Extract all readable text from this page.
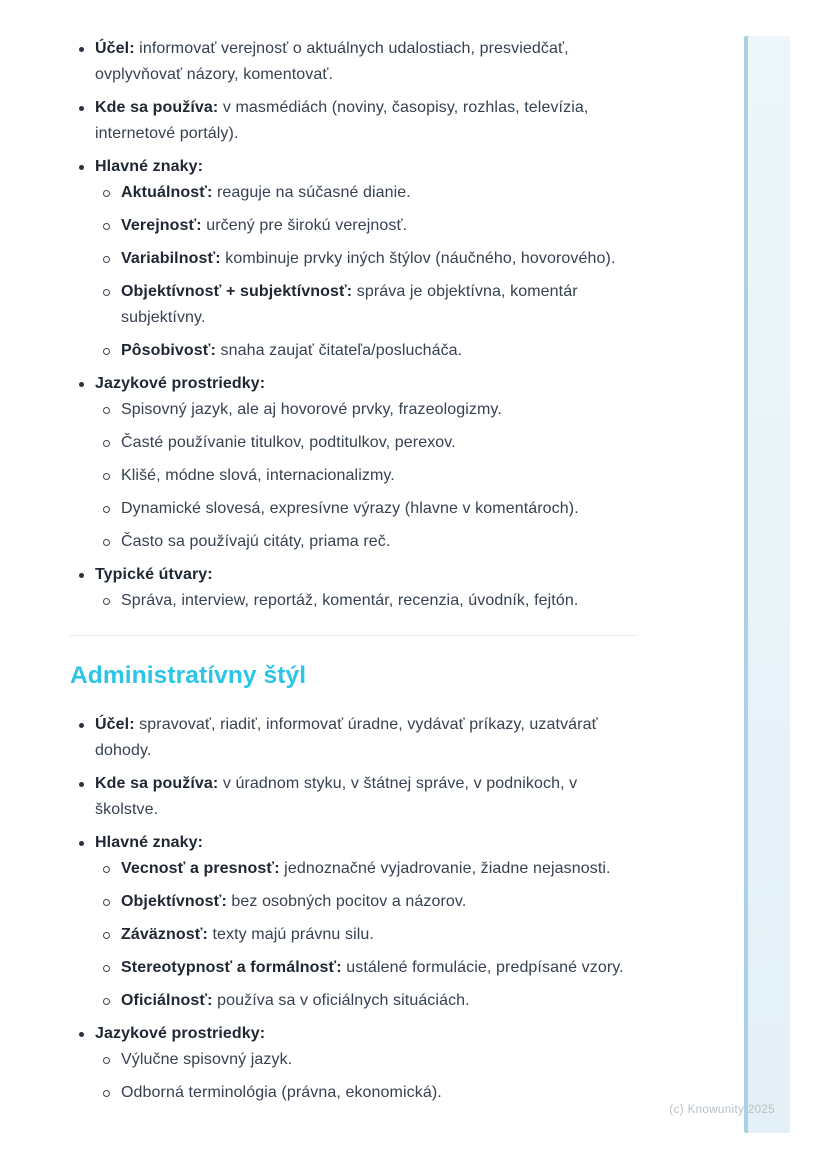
Účel: informovať verejnosť o aktuálnych udalostiach, presviedčať, ovplyvňovať názory, komentovať.
Kde sa používa: v masmédiách (noviny, časopisy, rozhlas, televízia, internetové portály).
Hlavné znaky:
Aktuálnosť: reaguje na súčasné dianie.
Verejnosť: určený pre širokú verejnosť.
Variabilnosť: kombinuje prvky iných štýlov (náučného, hovorového).
Objektívnosť + subjektívnosť: správa je objektívna, komentár subjektívny.
Pôsobivosť: snaha zaujať čitateľa/poslucháča.
Jazykové prostriedky:
Spisovný jazyk, ale aj hovorové prvky, frazeologizmy.
Časté používanie titulkov, podtitulkov, perexov.
Klišé, módne slová, internacionalizmy.
Dynamické slovesá, expresívne výrazy (hlavne v komentároch).
Často sa používajú citáty, priama reč.
Typické útvary:
Správa, interview, reportáž, komentár, recenzia, úvodník, fejtón.
Administratívny štýl
Účel: spravovať, riadiť, informovať úradne, vydávať príkazy, uzatvárať dohody.
Kde sa používa: v úradnom styku, v štátnej správe, v podnikoch, v školstve.
Hlavné znaky:
Vecnosť a presnosť: jednoznačné vyjadrovanie, žiadne nejasnosti.
Objektívnosť: bez osobných pocitov a názorov.
Záväznosť: texty majú právnu silu.
Stereotypnosť a formálnosť: ustálené formulácie, predpísané vzory.
Oficiálnosť: používa sa v oficiálnych situáciách.
Jazykové prostriedky:
Výlučne spisovný jazyk.
Odborná terminológia (právna, ekonomická).
(c) Knowunity 2025
